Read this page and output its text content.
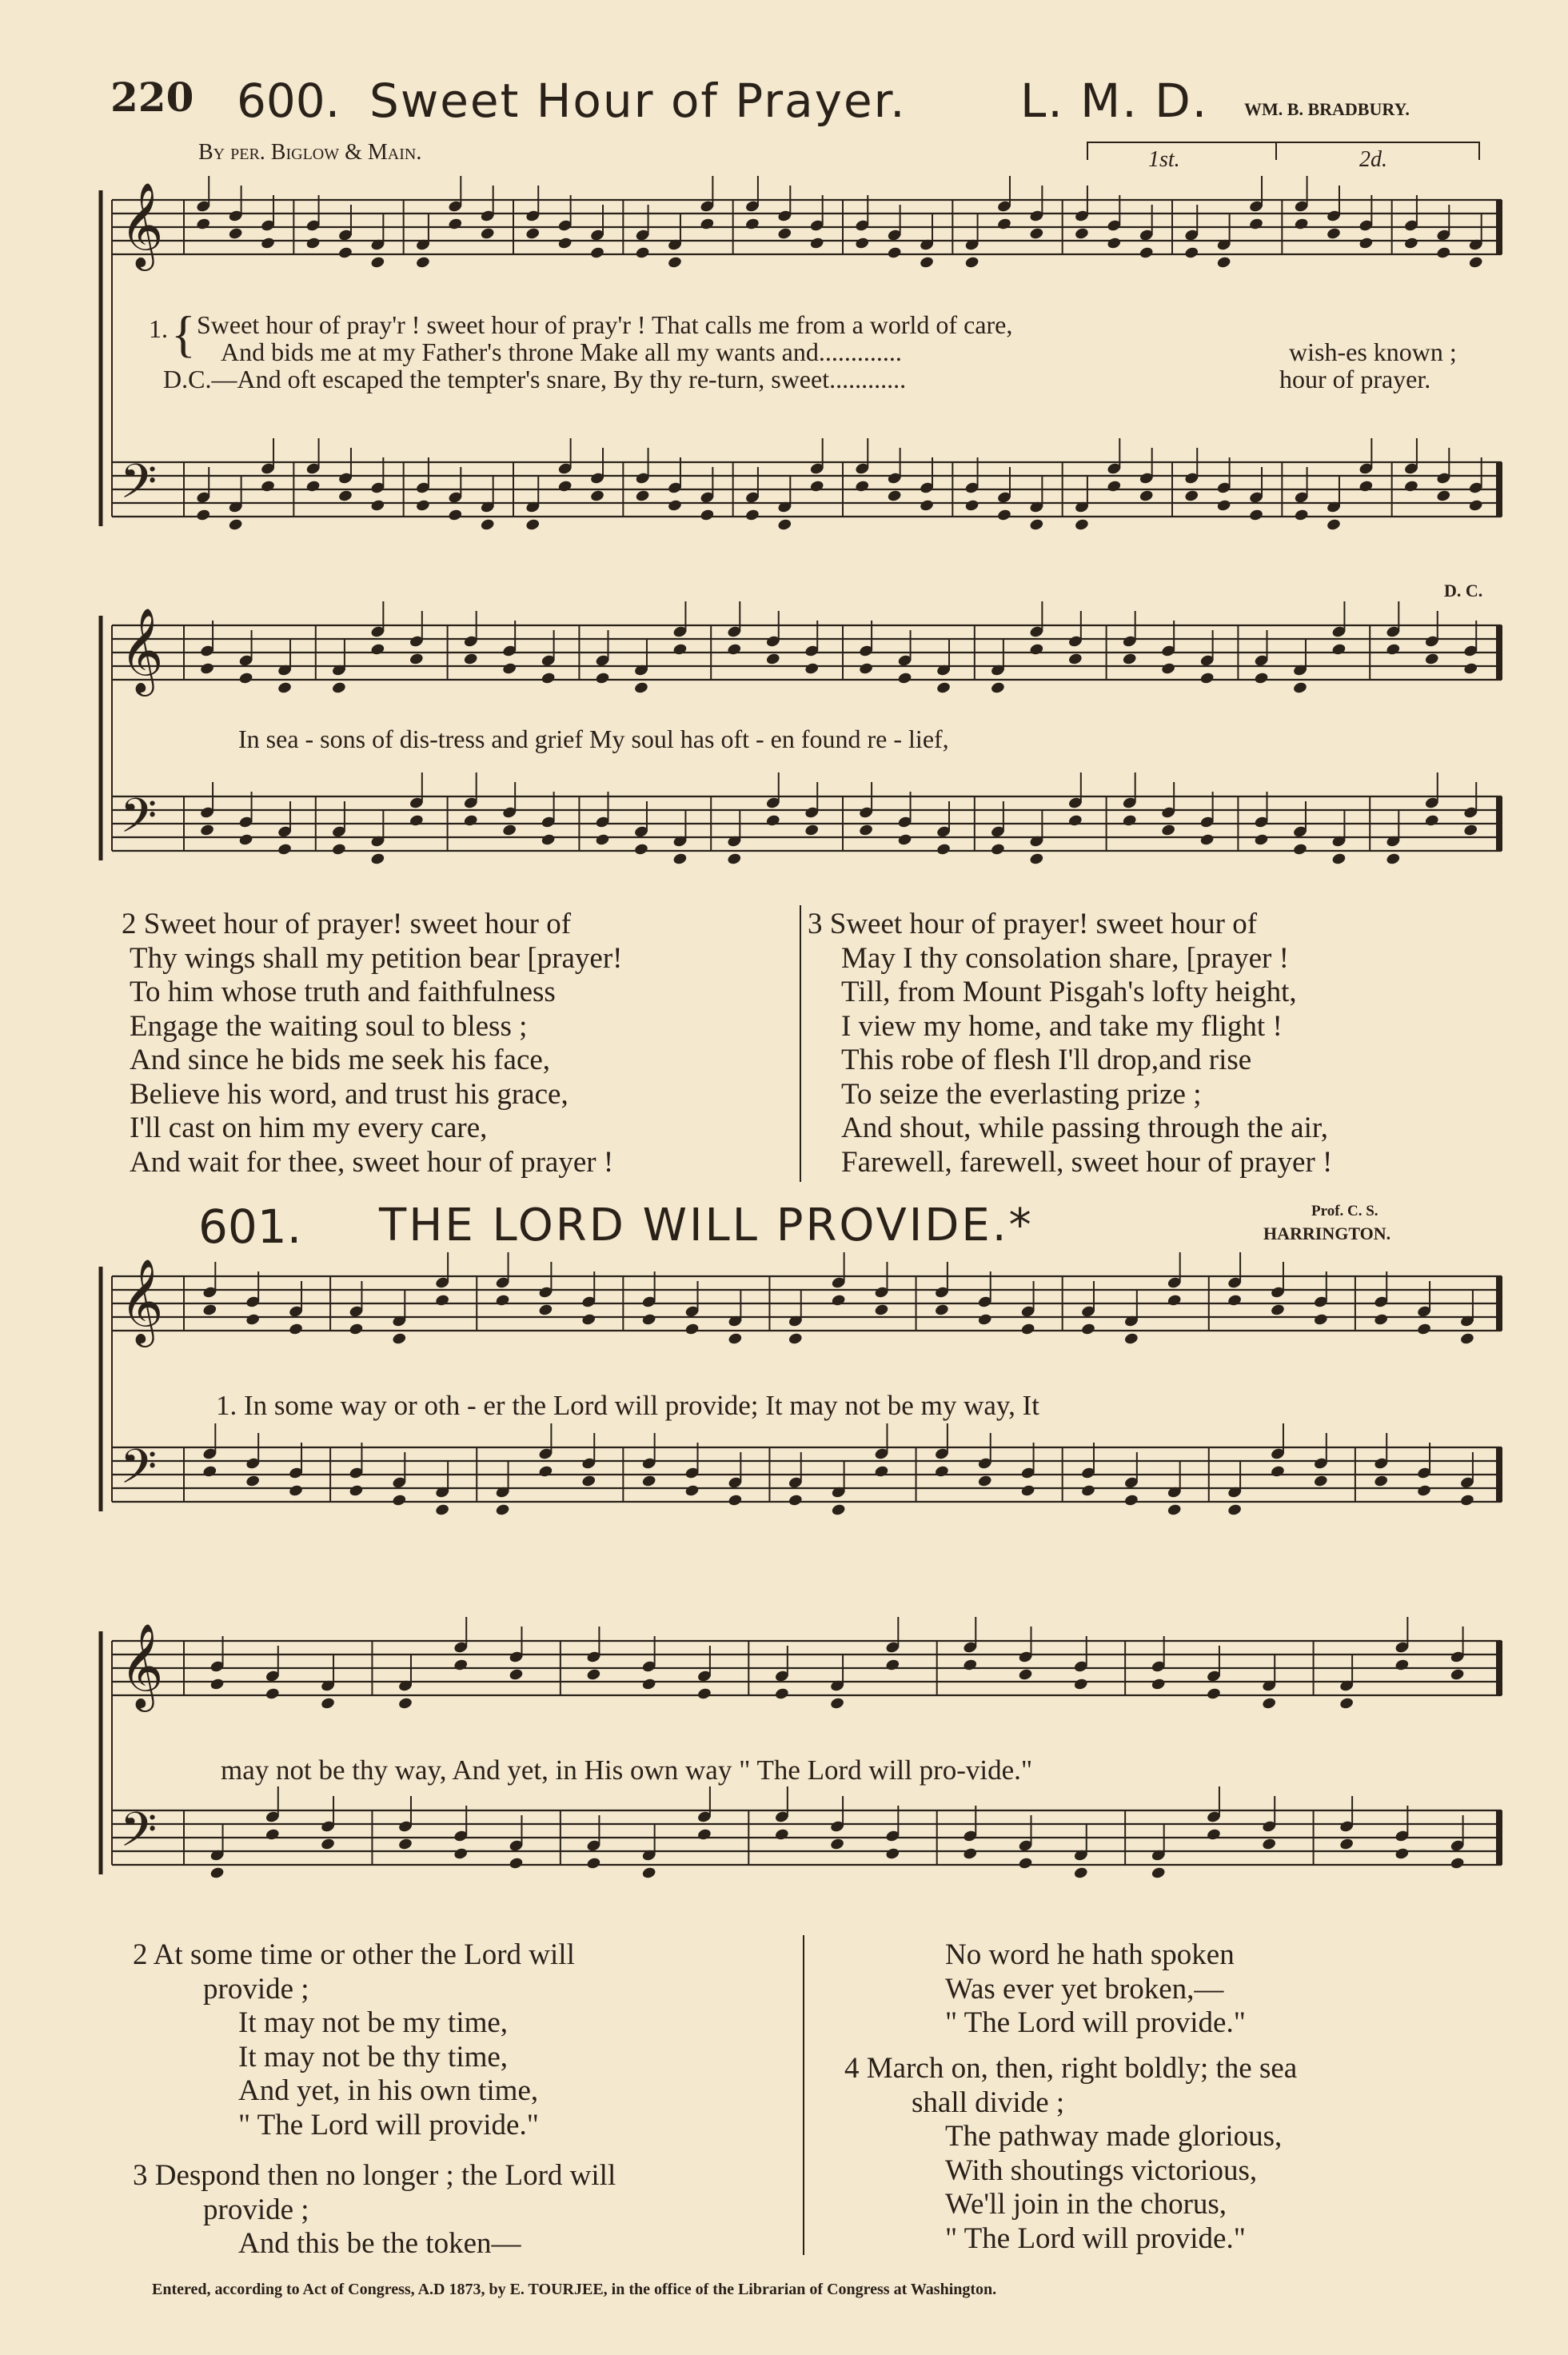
𝄞
𝄢
𝄞
𝄢
𝄞
𝄢
𝄞
𝄢
220 600. Sweet Hour of Prayer. L. M. D. WM. B. BRADBURY.
By per. Biglow & Main.	1st.	2d.
D. C.
1. { Sweet hour of pray'r ! sweet hour of pray'r ! That calls me from a world of care,
And bids me at my Father's throne Make all my wants and.............	wish-es known ;
D.C.—And oft escaped the tempter's snare, By thy re-turn, sweet............	hour of prayer.
In sea - sons of dis-tress and grief My soul has oft - en found re - lief,
2 Sweet hour of prayer! sweet hour of
Thy wings shall my petition bear [prayer!
To him whose truth and faithfulness
Engage the waiting soul to bless ;
And since he bids me seek his face,
Believe his word, and trust his grace,
I'll cast on him my every care,
And wait for thee, sweet hour of prayer !
3 Sweet hour of prayer! sweet hour of
May I thy consolation share, [prayer !
Till, from Mount Pisgah's lofty height,
I view my home, and take my flight !
This robe of flesh I'll drop,and rise
To seize the everlasting prize ;
And shout, while passing through the air,
Farewell, farewell, sweet hour of prayer !
601. THE LORD WILL PROVIDE.*	Prof. C. S.
HARRINGTON.
1. In some way or oth - er the Lord will provide; It may not be my way, It
may not be thy way, And yet, in His own way " The Lord will pro-vide."
2 At some time or other the Lord will
provide ;
It may not be my time,
It may not be thy time,
And yet, in his own time,
" The Lord will provide."
3 Despond then no longer ; the Lord will
provide ;
And this be the token—
No word he hath spoken
Was ever yet broken,—
" The Lord will provide."
4 March on, then, right boldly; the sea
shall divide ;
The pathway made glorious,
With shoutings victorious,
We'll join in the chorus,
" The Lord will provide."
Entered, according to Act of Congress, A.D 1873, by E. TOURJEE, in the office of the Librarian of Congress at Washington.
